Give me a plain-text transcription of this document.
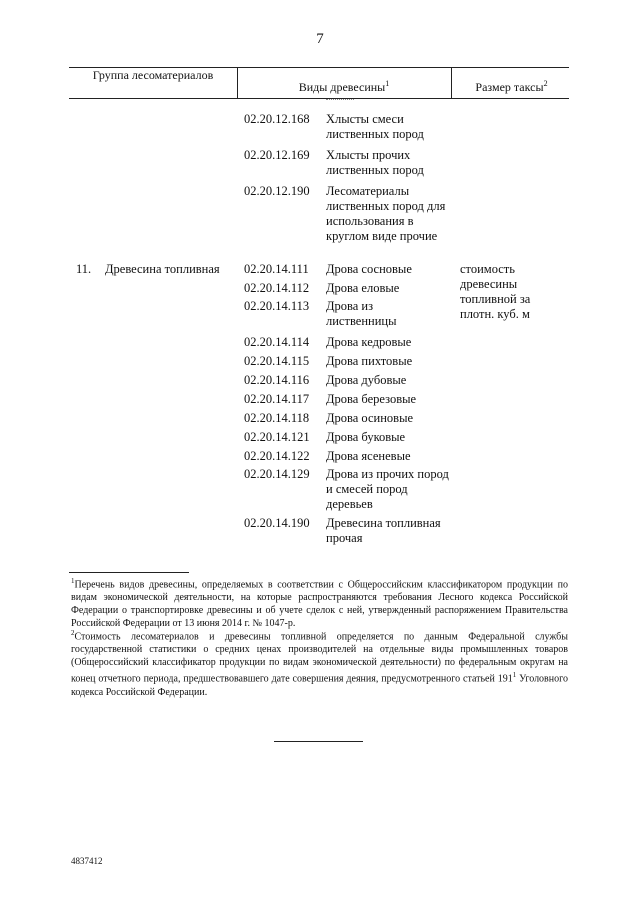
7
Группа лесоматериалов
Виды древесины$^1$	Размер таксы$^2$
02.20.12.168 Хлысты смеси лиственных пород
02.20.12.169 Хлысты прочих лиственных пород
02.20.12.190 Лесоматериалы лиственных пород для использования в круглом виде прочие
11. Древесина топливная	стоимость древесины топливной за плотн. куб. м
02.20.14.111 Дрова сосновые
02.20.14.112 Дрова еловые
02.20.14.113 Дрова из лиственницы
02.20.14.114 Дрова кедровые
02.20.14.115 Дрова пихтовые
02.20.14.116 Дрова дубовые
02.20.14.117 Дрова березовые
02.20.14.118 Дрова осиновые
02.20.14.121 Дрова буковые
02.20.14.122 Дрова ясеневые
02.20.14.129 Дрова из прочих пород и смесей пород деревьев
02.20.14.190 Древесина топливная прочая
$^1$Перечень видов древесины, определяемых в соответствии с Общероссийским классификатором продукции по видам экономической деятельности, на которые распространяются требования Лесного кодекса Российской Федерации о транспортировке древесины и об учете сделок с ней, утвержденный распоряжением Правительства Российской Федерации от 13 июня 2014 г. № 1047-р.
$^2$Стоимость лесоматериалов и древесины топливной определяется по данным Федеральной службы государственной статистики о средних ценах производителей на отдельные виды промышленных товаров (Общероссийский классификатор продукции по видам экономической деятельности) по федеральным округам на конец отчетного периода, предшествовавшего дате совершения деяния, предусмотренного статьей $191^1$ Уголовного кодекса Российской Федерации.
4837412
